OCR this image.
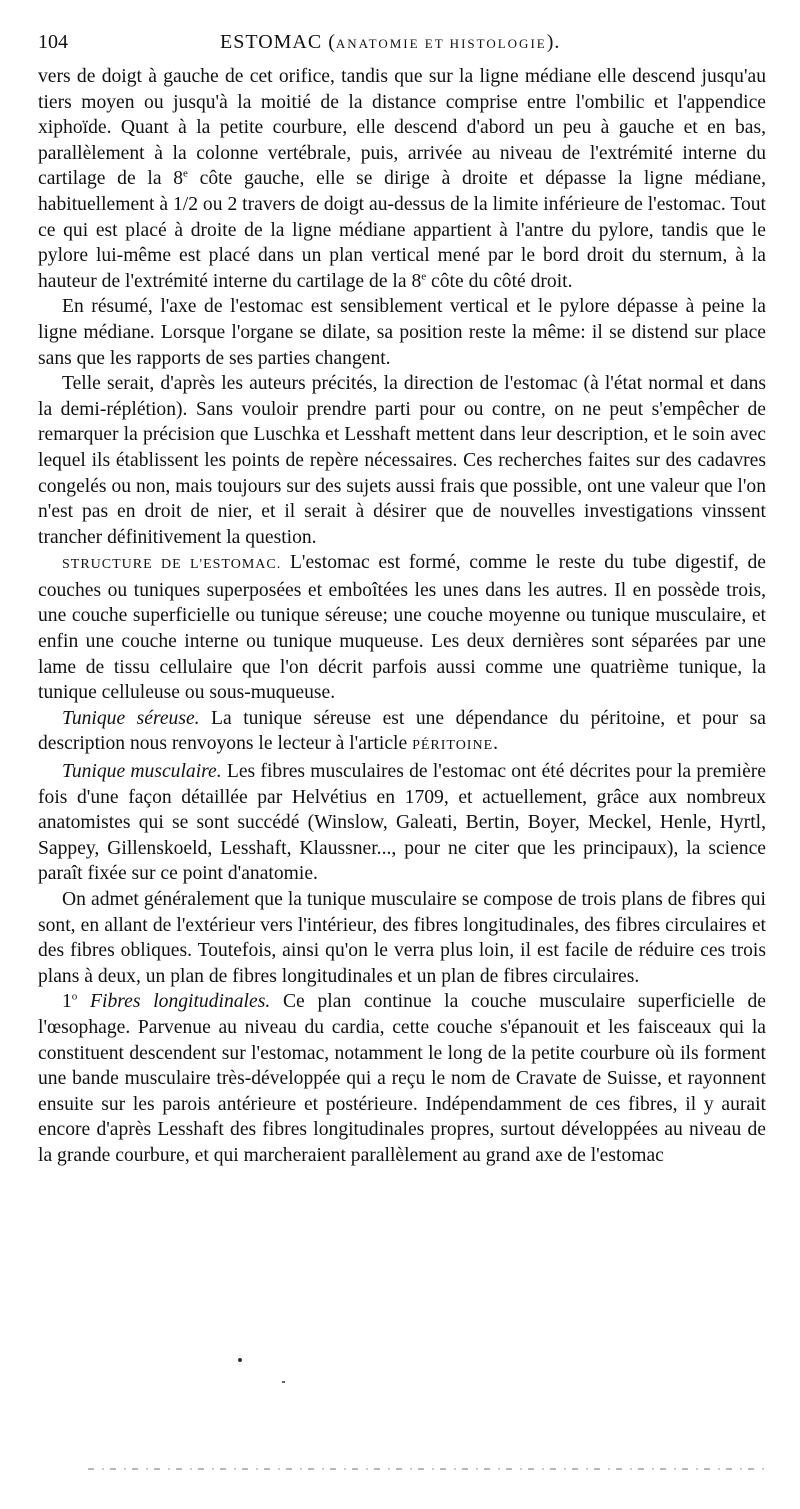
104	ESTOMAC (ANATOMIE ET HISTOLOGIE).

vers de doigt à gauche de cet orifice, tandis que sur la ligne médiane elle descend jusqu'au tiers moyen ou jusqu'à la moitié de la distance comprise entre l'ombilic et l'appendice xiphoïde. Quant à la petite courbure, elle descend d'abord un peu à gauche et en bas, parallèlement à la colonne vertébrale, puis, arrivée au niveau de l'extrémité interne du cartilage de la 8e côte gauche, elle se dirige à droite et dépasse la ligne médiane, habituellement à 1/2 ou 2 travers de doigt au-dessus de la limite inférieure de l'estomac. Tout ce qui est placé à droite de la ligne médiane appartient à l'antre du pylore, tandis que le pylore lui-même est placé dans un plan vertical mené par le bord droit du sternum, à la hauteur de l'extrémité interne du cartilage de la 8e côte du côté droit.

En résumé, l'axe de l'estomac est sensiblement vertical et le pylore dépasse à peine la ligne médiane. Lorsque l'organe se dilate, sa position reste la même: il se distend sur place sans que les rapports de ses parties changent.

Telle serait, d'après les auteurs précités, la direction de l'estomac (à l'état normal et dans la demi-réplétion). Sans vouloir prendre parti pour ou contre, on ne peut s'empêcher de remarquer la précision que Luschka et Lesshaft mettent dans leur description, et le soin avec lequel ils établissent les points de repère nécessaires. Ces recherches faites sur des cadavres congelés ou non, mais toujours sur des sujets aussi frais que possible, ont une valeur que l'on n'est pas en droit de nier, et il serait à désirer que de nouvelles investigations vinssent trancher définitivement la question.

STRUCTURE DE L'ESTOMAC. L'estomac est formé, comme le reste du tube digestif, de couches ou tuniques superposées et emboîtées les unes dans les autres. Il en possède trois, une couche superficielle ou tunique séreuse; une couche moyenne ou tunique musculaire, et enfin une couche interne ou tunique muqueuse. Les deux dernières sont séparées par une lame de tissu cellulaire que l'on décrit parfois aussi comme une quatrième tunique, la tunique celluleuse ou sous-muqueuse.

Tunique séreuse. La tunique séreuse est une dépendance du péritoine, et pour sa description nous renvoyons le lecteur à l'article PÉRITOINE.

Tunique musculaire. Les fibres musculaires de l'estomac ont été décrites pour la première fois d'une façon détaillée par Helvétius en 1709, et actuellement, grâce aux nombreux anatomistes qui se sont succédé (Winslow, Galeati, Bertin, Boyer, Meckel, Henle, Hyrtl, Sappey, Gillenskoeld, Lesshaft, Klaussner..., pour ne citer que les principaux), la science paraît fixée sur ce point d'anatomie.

On admet généralement que la tunique musculaire se compose de trois plans de fibres qui sont, en allant de l'extérieur vers l'intérieur, des fibres longitudinales, des fibres circulaires et des fibres obliques. Toutefois, ainsi qu'on le verra plus loin, il est facile de réduire ces trois plans à deux, un plan de fibres longitudinales et un plan de fibres circulaires.

1$^o$ Fibres longitudinales. Ce plan continue la couche musculaire superficielle de l'œsophage. Parvenue au niveau du cardia, cette couche s'épanouit et les faisceaux qui la constituent descendent sur l'estomac, notamment le long de la petite courbure où ils forment une bande musculaire très-développée qui a reçu le nom de Cravate de Suisse, et rayonnent ensuite sur les parois antérieure et postérieure. Indépendamment de ces fibres, il y aurait encore d'après Lesshaft des fibres longitudinales propres, surtout développées au niveau de la grande courbure, et qui marcheraient parallèlement au grand axe de l'estomac
